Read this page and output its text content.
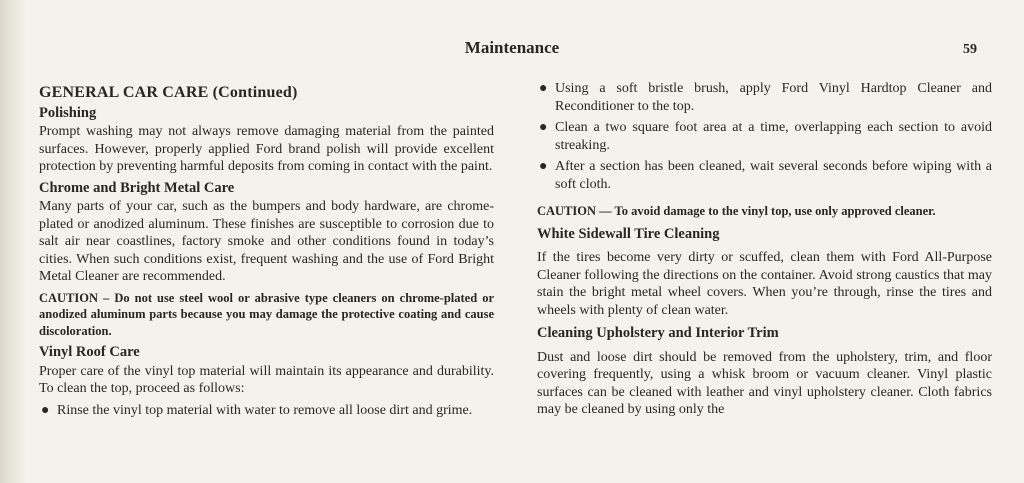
Maintenance	59
GENERAL CAR CARE (Continued)
Polishing

Prompt washing may not always remove damaging material from the painted surfaces. However, properly applied Ford brand polish will provide excellent protection by preventing harmful deposits from coming in contact with the paint.

Chrome and Bright Metal Care

Many parts of your car, such as the bumpers and body hardware, are chrome-plated or anodized aluminum. These finishes are susceptible to corrosion due to salt air near coastlines, factory smoke and other conditions found in today’s cities. When such conditions exist, frequent washing and the use of Ford Bright Metal Cleaner are recommended.

CAUTION – Do not use steel wool or abrasive type cleaners on chrome-plated or anodized aluminum parts because you may damage the protective coating and cause discoloration.

Vinyl Roof Care

Proper care of the vinyl top material will maintain its appearance and durability. To clean the top, proceed as follows:

● Rinse the vinyl top material with water to remove all loose dirt and grime.
● Using a soft bristle brush, apply Ford Vinyl Hardtop Cleaner and Reconditioner to the top.
● Clean a two square foot area at a time, overlapping each section to avoid streaking.
● After a section has been cleaned, wait several seconds before wiping with a soft cloth.

CAUTION — To avoid damage to the vinyl top, use only approved cleaner.

White Sidewall Tire Cleaning

If the tires become very dirty or scuffed, clean them with Ford All-Purpose Cleaner following the directions on the container. Avoid strong caustics that may stain the bright metal wheel covers. When you’re through, rinse the tires and wheels with plenty of clean water.

Cleaning Upholstery and Interior Trim

Dust and loose dirt should be removed from the upholstery, trim, and floor covering frequently, using a whisk broom or vacuum cleaner. Vinyl plastic surfaces can be cleaned with leather and vinyl upholstery cleaner. Cloth fabrics may be cleaned by using only the
